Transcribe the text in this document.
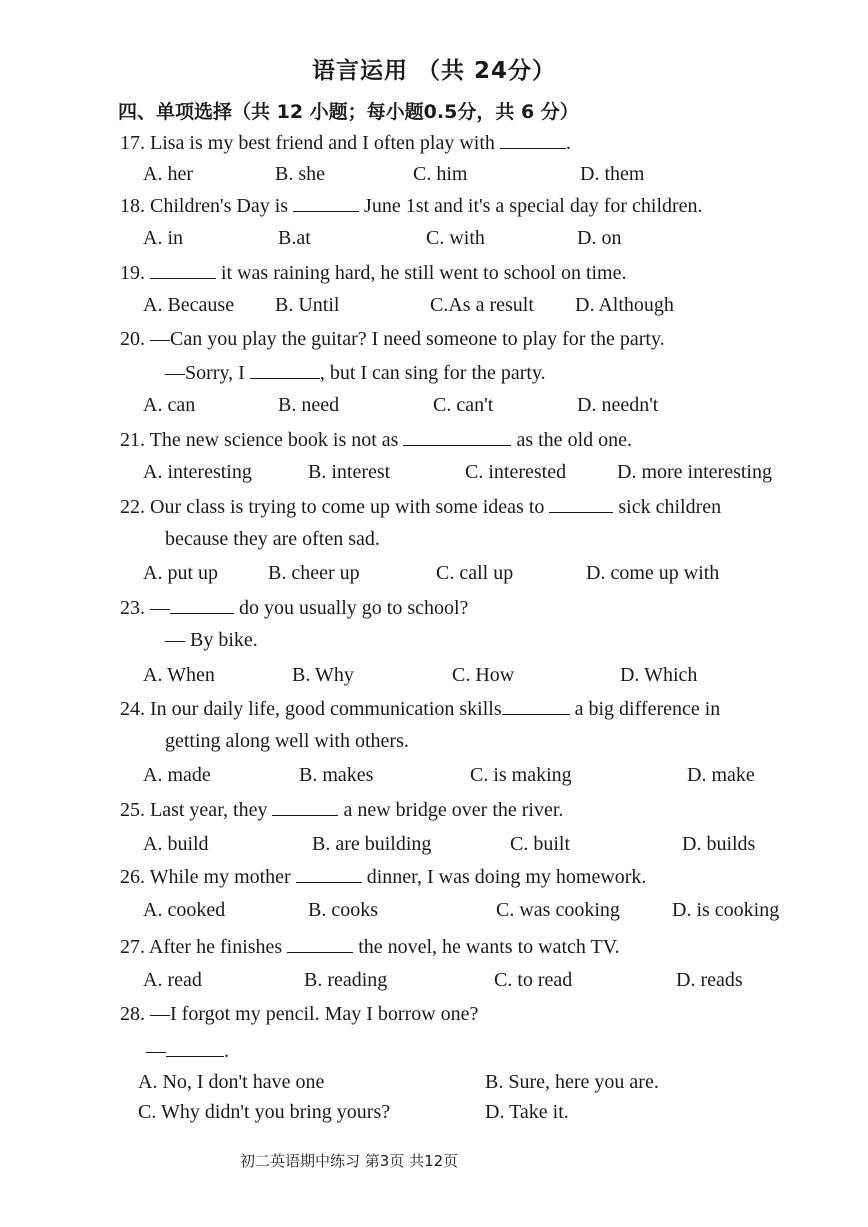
语言运用 （共 24分）
四、单项选择（共 12 小题；每小题0.5分，共 6 分）
17. Lisa is my best friend and I often play with	.
A. her	B. she	C. him	D. them
18. Children's Day is	June 1st and it's a special day for children.
A. in	B.at	C. with	D. on
19.	it was raining hard, he still went to school on time.
A. Because B. Until	C.As a result D. Although
20. —Can you play the guitar? I need someone to play for the party.
—Sorry, I	, but I can sing for the party.
A. can	B. need	C. can't	D. needn't
21. The new science book is not as	as the old one.
A. interesting	B. interest	C. interested	D. more interesting
22. Our class is trying to come up with some ideas to	sick children
because they are often sad.
A. put up	B. cheer up	C. call up	D. come up with
23. —	do you usually go to school?
— By bike.
A. When	B. Why	C. How	D. Which
24. In our daily life, good communication skills	a big difference in
getting along well with others.
A. made	B. makes	C. is making	D. make
25. Last year, they	a new bridge over the river.
A. build	B. are building	C. built	D. builds
26. While my mother	dinner, I was doing my homework.
A. cooked	B. cooks	C. was cooking	D. is cooking
27. After he finishes	the novel, he wants to watch TV.
A. read	B. reading	C. to read	D. reads
28. —I forgot my pencil. May I borrow one?
—	.
A. No, I don't have one	B. Sure, here you are.
C. Why didn't you bring yours?	D. Take it.
初二英语期中练习 第3页 共12页
